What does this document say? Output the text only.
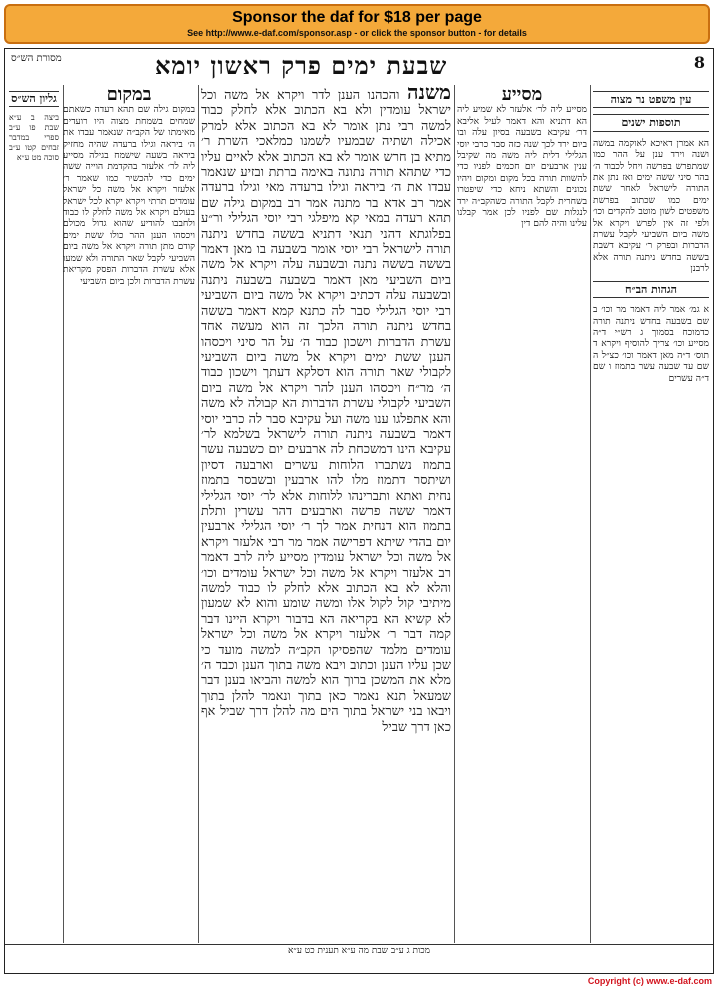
Sponsor the daf for $18 per page
See http://www.e-daf.com/sponsor.asp - or click the sponsor button - for details
8
שבעת ימים פרק ראשון יומא
מסורת הש״ס
עין משפט נר מצוה
תוספות ישנים
הא אמרן דאיכא לאוקמה במשה ושנה וירד ענן על ההר כמו שמתפרש בפרשה ויחל לכבוד ה׳ בהר סיני ששה ימים ואז נתן את התורה לישראל לאחר ששת ימים כמו שכתוב בפרשת משפטים לשון מוטב להקדים וכו׳ ולפי זה אין לפרש ויקרא אל משה ביום השביעי לקבל עשרת הדברות ובפרק ר׳ עקיבא דשבת בששה בחדש ניתנה תורה אלא לרבנן
הגהות הב״ח
א גמ׳ אמר ליה דאמר מר וכו׳ ב שם בשבעה בחדש ניתנה תורה כדמוכח בסמוך ג רש״י ד״ה מסייע וכו׳ צריך להוסיף ויקרא ד תוס׳ ד״ה מאן דאמר וכו׳ כצ״ל ה שם עד שבעה עשר בתמוז ו שם ד״ה עשרים
מסייע
מסייע ליה לר׳ אלעזר לא שמיע ליה הא דתניא והא דאמר לעיל אליבא דר׳ עקיבא בשבעה בסיון עלה ובו ביום ירד לכך שנה כזה סבר כרבי יוסי הגלילי דלית ליה משה מה שקיבל ענין ארבעים יום חכמים לפניו כדי להשוות תורה בכל מקום ומקום ויהיו נכונים והשתא ניחא כדי שיפטרו בשחרית לקבל התורה כשהקב״ה ירד לנגלות שם לפניו לכן אמר קבלנו עלינו והיה להם דין
משנה והכהנו הענן לדר ויקרא אל משה וכל ישראל עומדין ולא בא הכתוב אלא לחלק כבוד למשה רבי נתן אומר לא בא הכתוב אלא למרק אכילה ושתיה שבמעיו לשמנו כמלאכי השרת ר׳ מתיא בן חרש אומר לא בא הכתוב אלא לאיים עליו כדי שתהא תורה נתונה באימה ברתת ובזיע שנאמר עבדו את ה׳ ביראה וגילו ברעדה מאי וגילו ברעדה אמר רב אדא בר מתנה אמר רב במקום גילה שם תהא רעדה במאי קא מיפלגי רבי יוסי הגלילי ור״ע בפלוגתא דהני תנאי דתניא בששה בחדש ניתנה תורה לישראל רבי יוסי אומר בשבעה בו מאן דאמר בששה בששה נתנה ובשבעה עלה ויקרא אל משה ביום השביעי מאן דאמר בשבעה בשבעה ניתנה ובשבעה עלה דכתיב ויקרא אל משה ביום השביעי רבי יוסי הגלילי סבר לה כתנא קמא דאמר בששה בחדש ניתנה תורה הלכך זה הוא מעשה אחד עשרת הדברות וישכון כבוד ה׳ על הר סיני ויכסהו הענן ששת ימים ויקרא אל משה ביום השביעי לקבולי שאר תורה הוא דסלקא דעתך וישכון כבוד ה׳ מר״ח ויכסהו הענן להר ויקרא אל משה ביום השביעי לקבולי עשרת הדברות הא קבולה לא משה והא אתפלגו ענו משה ועל עקיבא סבר לה כרבי יוסי דאמר בשבעה ניתנה תורה לישראל בשלמא לר׳ עקיבא הינו דמשכחת לה ארבעים יום כשבעה עשר בתמוז נשתברו הלוחות עשרים וארבעה דסיון ושיתסר דתמוז מלו להו ארבעין ובשבסר בתמוז נחית ואתא ותברינהו ללוחות אלא לר׳ יוסי הגלילי דאמר ששה פרשה וארבעים דהר עשרין ותלת בתמוז הוא דנחית אמר לך ר׳ יוסי הגלילי ארבעין יום בהדי שיתא דפרישה אמר מר רבי אלעזר ויקרא אל משה וכל ישראל עומדין מסייע ליה לרב דאמר רב אלעזר ויקרא אל משה וכל ישראל עומדים וכו׳ והלא לא בא הכתוב אלא לחלק לו כבוד למשה מיתיבי קול לקול אלו ומשה שומע והוא לא שמעון לא קשיא הא בקריאה הא בדבור ויקרא היינו דבר קמה דבר ר׳ אלעזר ויקרא אל משה וכל ישראל עומדים מלמד שהפסיקו הקב״ה למשה מועד כי שכן עליו הענן וכתוב ויבא משה בתוך הענן וכבד ה׳ מלא את המשכן ברוך הוא למשה והביאו בענן דבר שמעאל תנא נאמר כאן בתוך ונאמר להלן בתוך ויבאו בני ישראל בתוך הים מה להלן דרך שביל אף כאן דרך שביל
במקום
במקום גילה שם תהא רעדה כשאתם שמחים בשמחת מצוה היו רועדים מאימתו של הקב״ה שנאמר עבדו את ה׳ ביראה וגילו ברעדה שהיה מחזיק ביראה בשעה שישמח בגילה מסייע ליה לר׳ אלעזר בהקדמת הוייה ששה ימים כדי להכשיר כמו שאמר ר׳ אלעזר ויקרא אל משה כל ישראל עומדים תרתי ויקרא יקרא לכל ישראל בעולם ויקרא אל משה לחלק לו כבוד ולחבבו להודיע שהוא גדול מכולם ויכסהו הענן ההר כולו ששת ימים קודם מתן תורה ויקרא אל משה ביום השביעי לקבל שאר התורה ולא שמעו אלא עשרת הדברות הפסק מקריאת עשרת הדברות ולכן ביום השביעי
גליון הש״ס
ביצה ב ע״א שבת פו ע״ב ספרי במדבר זבחים קטו ע״ב סוכה מט ע״א
מכות ג ע״ב שבת מה ע״א תענית כט ע״א
Copyright (c) www.e-daf.com
